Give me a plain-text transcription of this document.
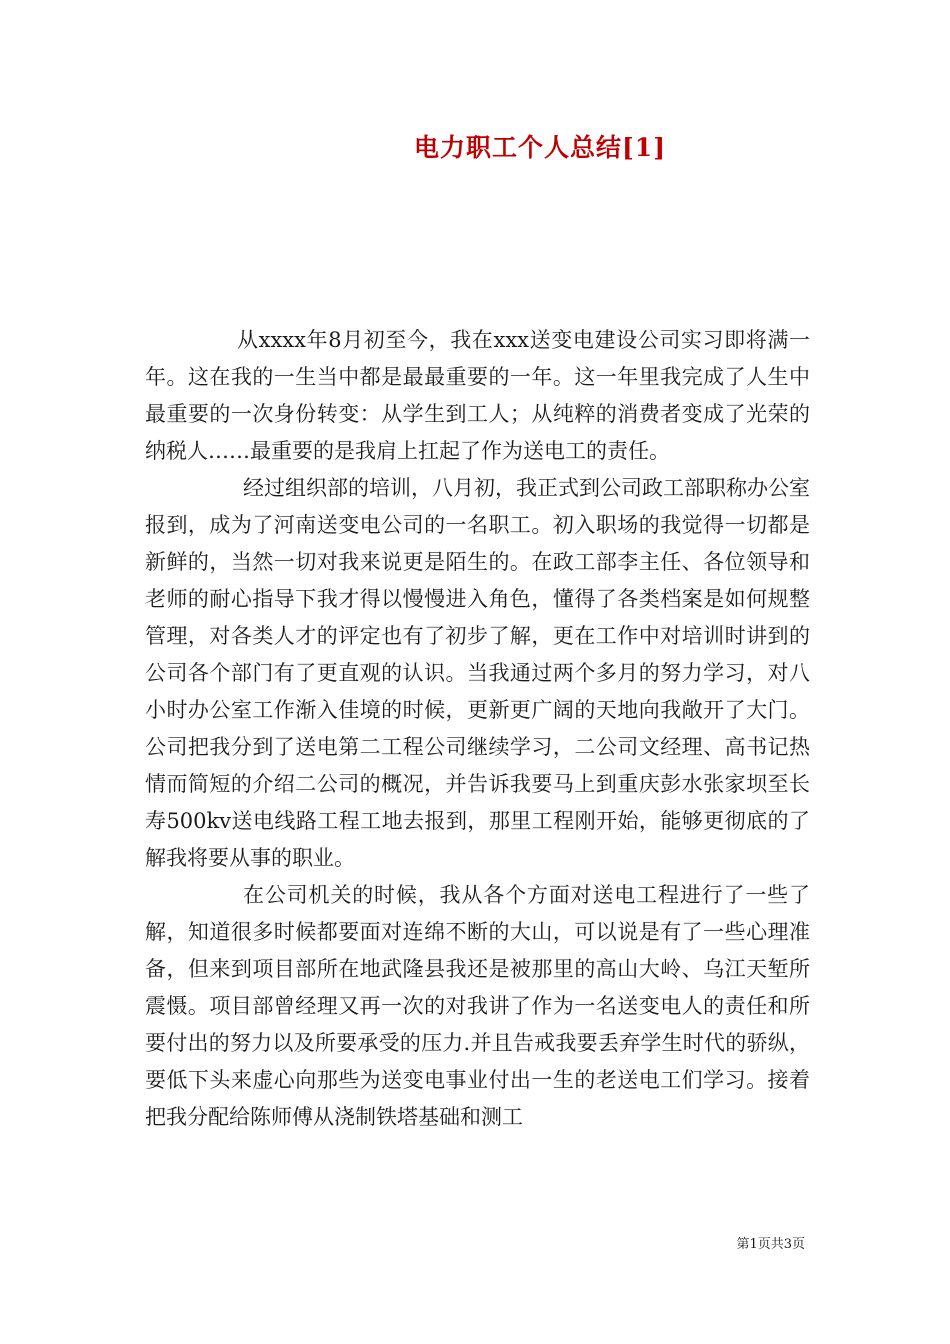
电力职工个人总结[1]

从xxxx年8月初至今，我在xxx送变电建设公司实习即将满一年。这在我的一生当中都是最最重要的一年。这一年里我完成了人生中最重要的一次身份转变：从学生到工人；从纯粹的消费者变成了光荣的纳税人……最重要的是我肩上扛起了作为送电工的责任。

经过组织部的培训，八月初，我正式到公司政工部职称办公室报到，成为了河南送变电公司的一名职工。初入职场的我觉得一切都是新鲜的，当然一切对我来说更是陌生的。在政工部李主任、各位领导和老师的耐心指导下我才得以慢慢进入角色，懂得了各类档案是如何规整管理，对各类人才的评定也有了初步了解，更在工作中对培训时讲到的公司各个部门有了更直观的认识。当我通过两个多月的努力学习，对八小时办公室工作渐入佳境的时候，更新更广阔的天地向我敞开了大门。公司把我分到了送电第二工程公司继续学习，二公司文经理、高书记热情而简短的介绍二公司的概况，并告诉我要马上到重庆彭水张家坝至长寿500kv送电线路工程工地去报到，那里工程刚开始，能够更彻底的了解我将要从事的职业。

在公司机关的时候，我从各个方面对送电工程进行了一些了解，知道很多时候都要面对连绵不断的大山，可以说是有了一些心理准备，但来到项目部所在地武隆县我还是被那里的高山大岭、乌江天堑所震慑。项目部曾经理又再一次的对我讲了作为一名送变电人的责任和所要付出的努力以及所要承受的压力.并且告戒我要丢弃学生时代的骄纵，要低下头来虚心向那些为送变电事业付出一生的老送电工们学习。接着把我分配给陈师傅从浇制铁塔基础和测工

第1页共3页
